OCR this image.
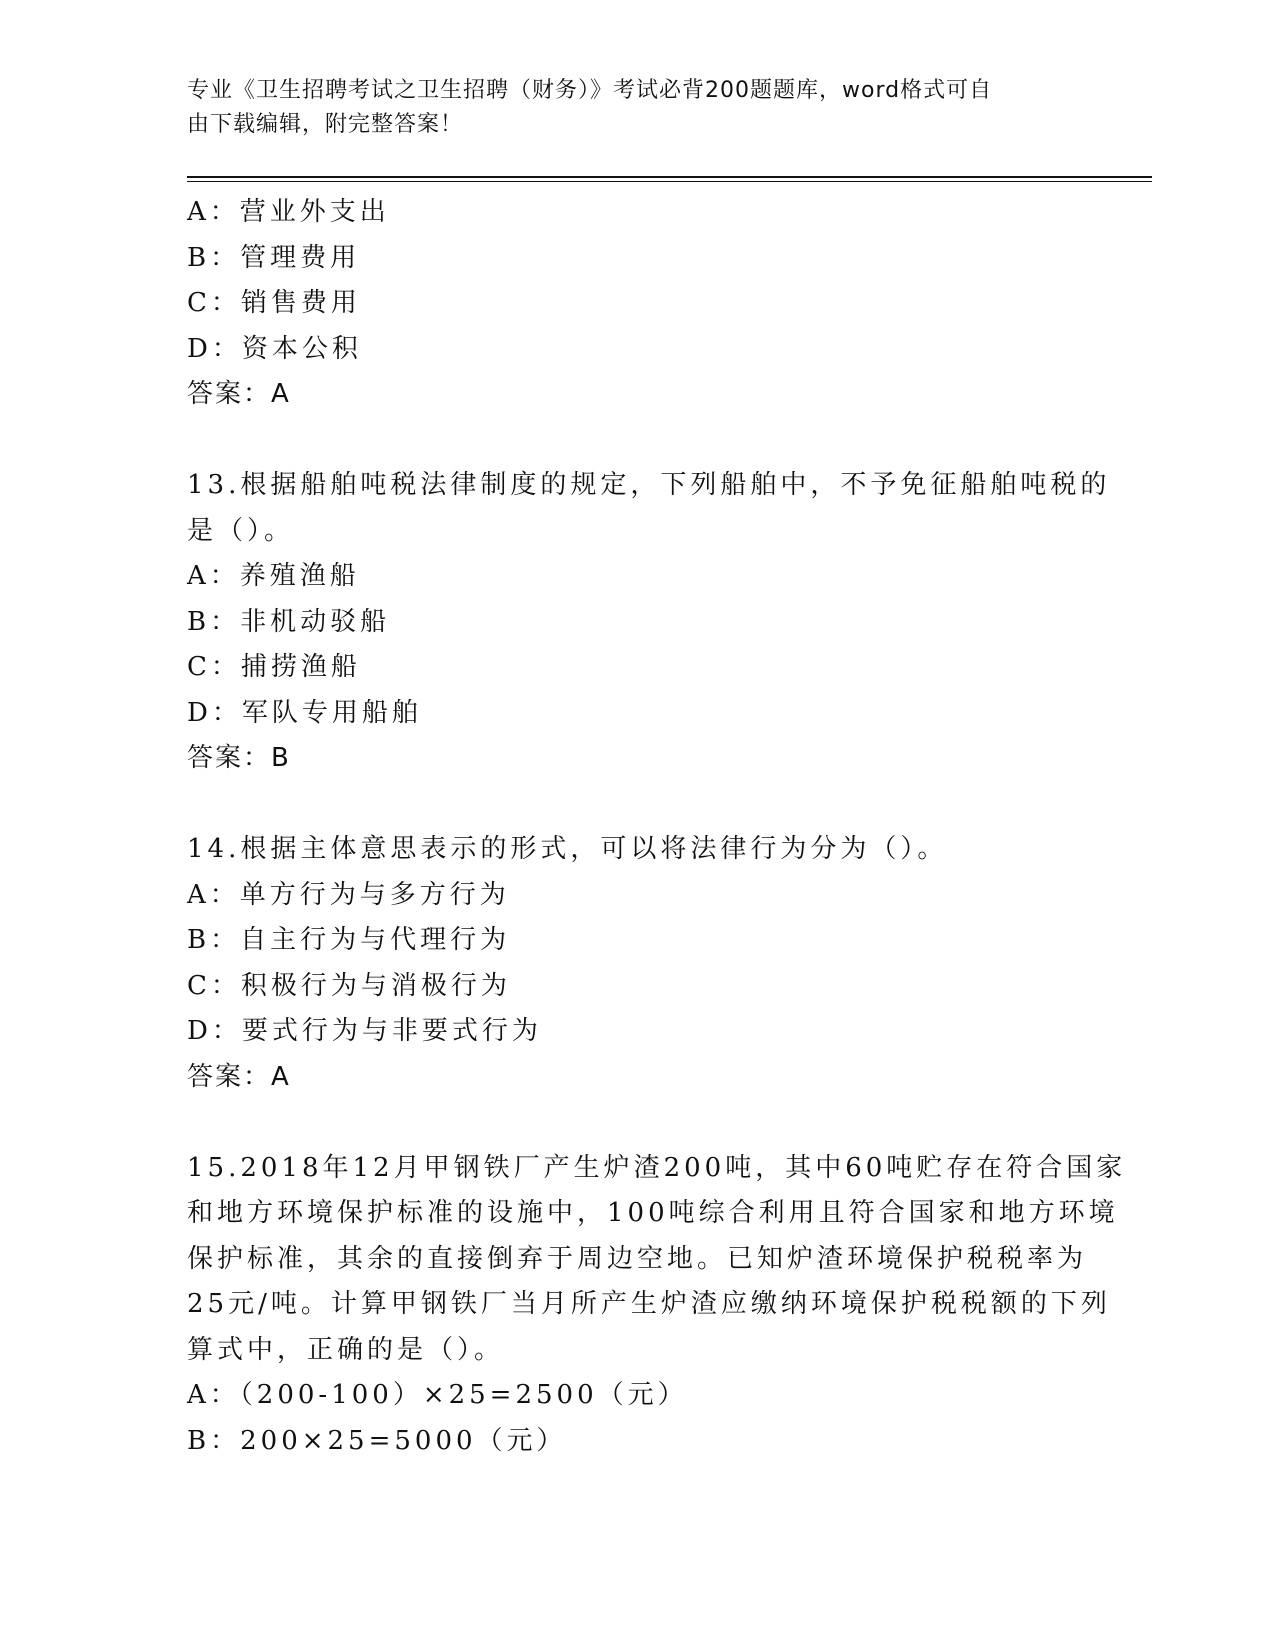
专业《卫生招聘考试之卫生招聘（财务）》考试必背200题题库，word格式可自
由下载编辑，附完整答案！
A：营业外支出
B：管理费用
C：销售费用
D：资本公积
答案：A
13.根据船舶吨税法律制度的规定，下列船舶中，不予免征船舶吨税的
是（）。
A：养殖渔船
B：非机动驳船
C：捕捞渔船
D：军队专用船舶
答案：B
14.根据主体意思表示的形式，可以将法律行为分为（）。
A：单方行为与多方行为
B：自主行为与代理行为
C：积极行为与消极行为
D：要式行为与非要式行为
答案：A
15.2018年12月甲钢铁厂产生炉渣200吨，其中60吨贮存在符合国家
和地方环境保护标准的设施中，100吨综合利用且符合国家和地方环境
保护标准，其余的直接倒弃于周边空地。已知炉渣环境保护税税率为
25元/吨。计算甲钢铁厂当月所产生炉渣应缴纳环境保护税税额的下列
算式中，正确的是（）。
A：（200-100）×25=2500（元）
B：200×25=5000（元）
